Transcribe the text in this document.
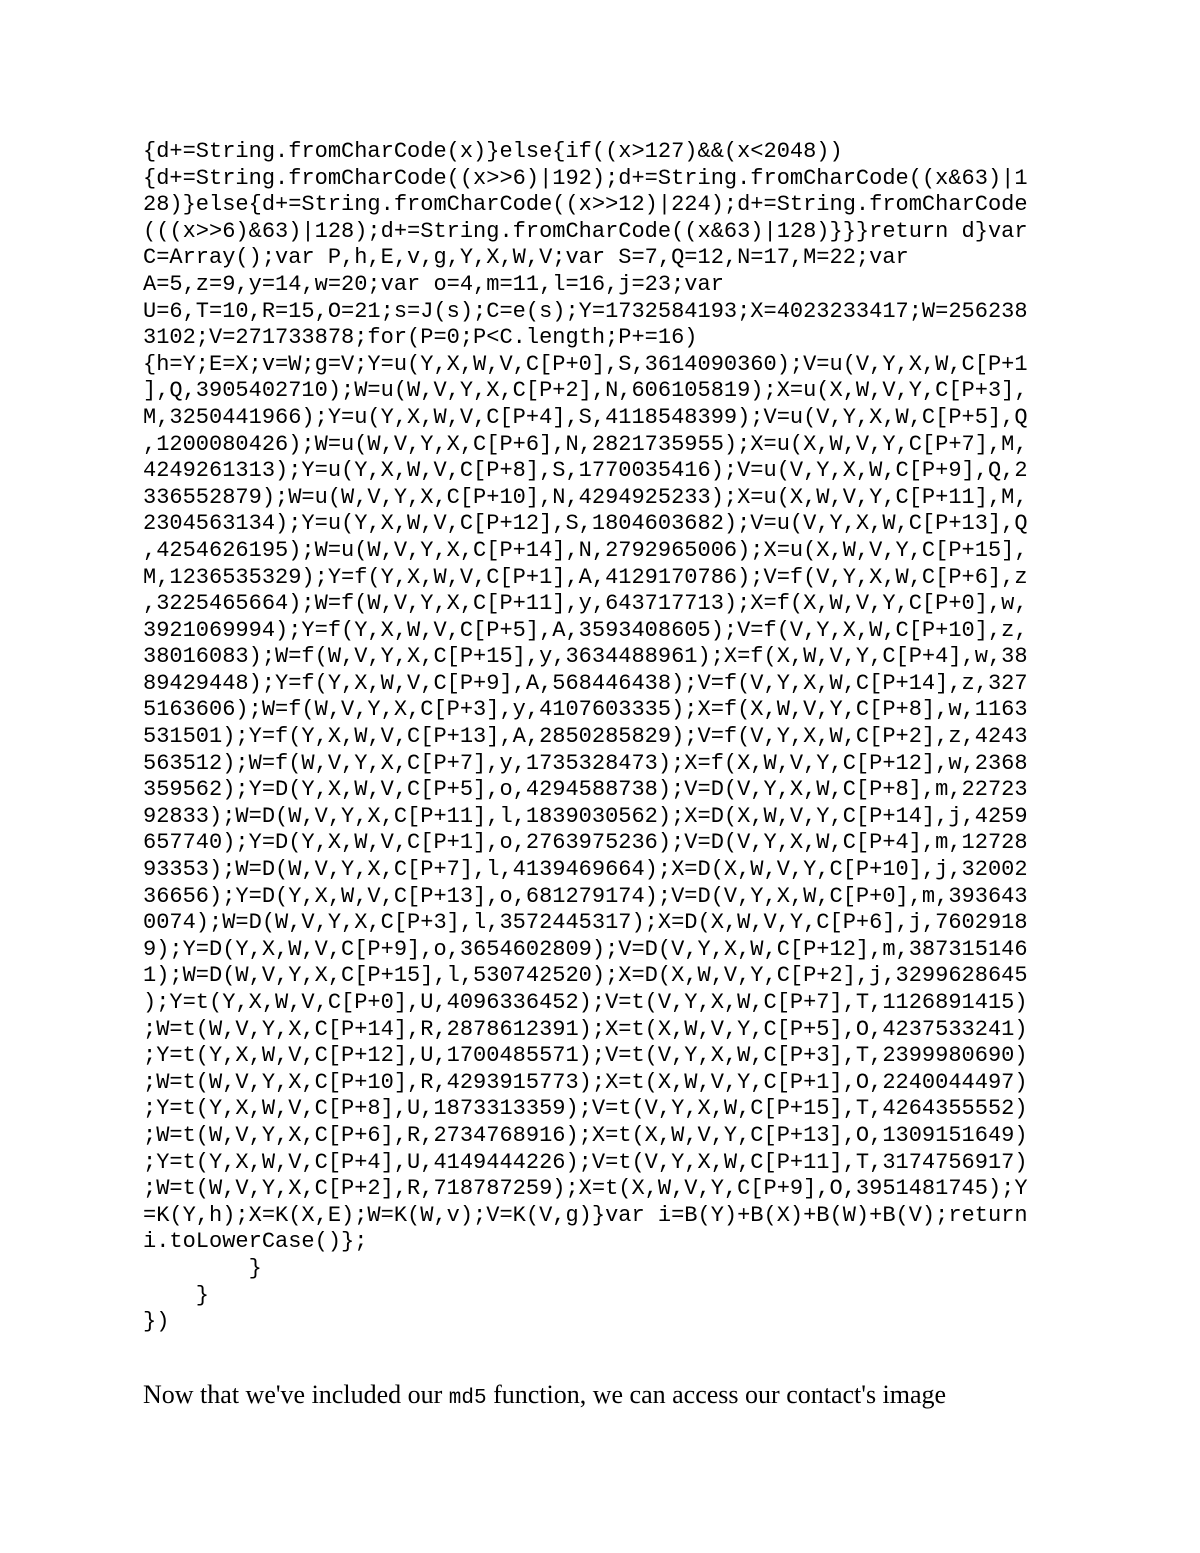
{d+=String.fromCharCode(x)}else{if((x>127)&&(x<2048))
{d+=String.fromCharCode((x>>6)|192);d+=String.fromCharCode((x&63)|1
28)}else{d+=String.fromCharCode((x>>12)|224);d+=String.fromCharCode
(((x>>6)&63)|128);d+=String.fromCharCode((x&63)|128)}}}return d}var
C=Array();var P,h,E,v,g,Y,X,W,V;var S=7,Q=12,N=17,M=22;var
A=5,z=9,y=14,w=20;var o=4,m=11,l=16,j=23;var
U=6,T=10,R=15,O=21;s=J(s);C=e(s);Y=1732584193;X=4023233417;W=256238
3102;V=271733878;for(P=0;P<C.length;P+=16)
{h=Y;E=X;v=W;g=V;Y=u(Y,X,W,V,C[P+0],S,3614090360);V=u(V,Y,X,W,C[P+1
],Q,3905402710);W=u(W,V,Y,X,C[P+2],N,606105819);X=u(X,W,V,Y,C[P+3],
M,3250441966);Y=u(Y,X,W,V,C[P+4],S,4118548399);V=u(V,Y,X,W,C[P+5],Q
,1200080426);W=u(W,V,Y,X,C[P+6],N,2821735955);X=u(X,W,V,Y,C[P+7],M,
4249261313);Y=u(Y,X,W,V,C[P+8],S,1770035416);V=u(V,Y,X,W,C[P+9],Q,2
336552879);W=u(W,V,Y,X,C[P+10],N,4294925233);X=u(X,W,V,Y,C[P+11],M,
2304563134);Y=u(Y,X,W,V,C[P+12],S,1804603682);V=u(V,Y,X,W,C[P+13],Q
,4254626195);W=u(W,V,Y,X,C[P+14],N,2792965006);X=u(X,W,V,Y,C[P+15],
M,1236535329);Y=f(Y,X,W,V,C[P+1],A,4129170786);V=f(V,Y,X,W,C[P+6],z
,3225465664);W=f(W,V,Y,X,C[P+11],y,643717713);X=f(X,W,V,Y,C[P+0],w,
3921069994);Y=f(Y,X,W,V,C[P+5],A,3593408605);V=f(V,Y,X,W,C[P+10],z,
38016083);W=f(W,V,Y,X,C[P+15],y,3634488961);X=f(X,W,V,Y,C[P+4],w,38
89429448);Y=f(Y,X,W,V,C[P+9],A,568446438);V=f(V,Y,X,W,C[P+14],z,327
5163606);W=f(W,V,Y,X,C[P+3],y,4107603335);X=f(X,W,V,Y,C[P+8],w,1163
531501);Y=f(Y,X,W,V,C[P+13],A,2850285829);V=f(V,Y,X,W,C[P+2],z,4243
563512);W=f(W,V,Y,X,C[P+7],y,1735328473);X=f(X,W,V,Y,C[P+12],w,2368
359562);Y=D(Y,X,W,V,C[P+5],o,4294588738);V=D(V,Y,X,W,C[P+8],m,22723
92833);W=D(W,V,Y,X,C[P+11],l,1839030562);X=D(X,W,V,Y,C[P+14],j,4259
657740);Y=D(Y,X,W,V,C[P+1],o,2763975236);V=D(V,Y,X,W,C[P+4],m,12728
93353);W=D(W,V,Y,X,C[P+7],l,4139469664);X=D(X,W,V,Y,C[P+10],j,32002
36656);Y=D(Y,X,W,V,C[P+13],o,681279174);V=D(V,Y,X,W,C[P+0],m,393643
0074);W=D(W,V,Y,X,C[P+3],l,3572445317);X=D(X,W,V,Y,C[P+6],j,7602918
9);Y=D(Y,X,W,V,C[P+9],o,3654602809);V=D(V,Y,X,W,C[P+12],m,387315146
1);W=D(W,V,Y,X,C[P+15],l,530742520);X=D(X,W,V,Y,C[P+2],j,3299628645
);Y=t(Y,X,W,V,C[P+0],U,4096336452);V=t(V,Y,X,W,C[P+7],T,1126891415)
;W=t(W,V,Y,X,C[P+14],R,2878612391);X=t(X,W,V,Y,C[P+5],O,4237533241)
;Y=t(Y,X,W,V,C[P+12],U,1700485571);V=t(V,Y,X,W,C[P+3],T,2399980690)
;W=t(W,V,Y,X,C[P+10],R,4293915773);X=t(X,W,V,Y,C[P+1],O,2240044497)
;Y=t(Y,X,W,V,C[P+8],U,1873313359);V=t(V,Y,X,W,C[P+15],T,4264355552)
;W=t(W,V,Y,X,C[P+6],R,2734768916);X=t(X,W,V,Y,C[P+13],O,1309151649)
;Y=t(Y,X,W,V,C[P+4],U,4149444226);V=t(V,Y,X,W,C[P+11],T,3174756917)
;W=t(W,V,Y,X,C[P+2],R,718787259);X=t(X,W,V,Y,C[P+9],O,3951481745);Y
=K(Y,h);X=K(X,E);W=K(W,v);V=K(V,g)}var i=B(Y)+B(X)+B(W)+B(V);return
i.toLowerCase()};
}
}
})

Now that we've included our md5 function, we can access our contact's image
